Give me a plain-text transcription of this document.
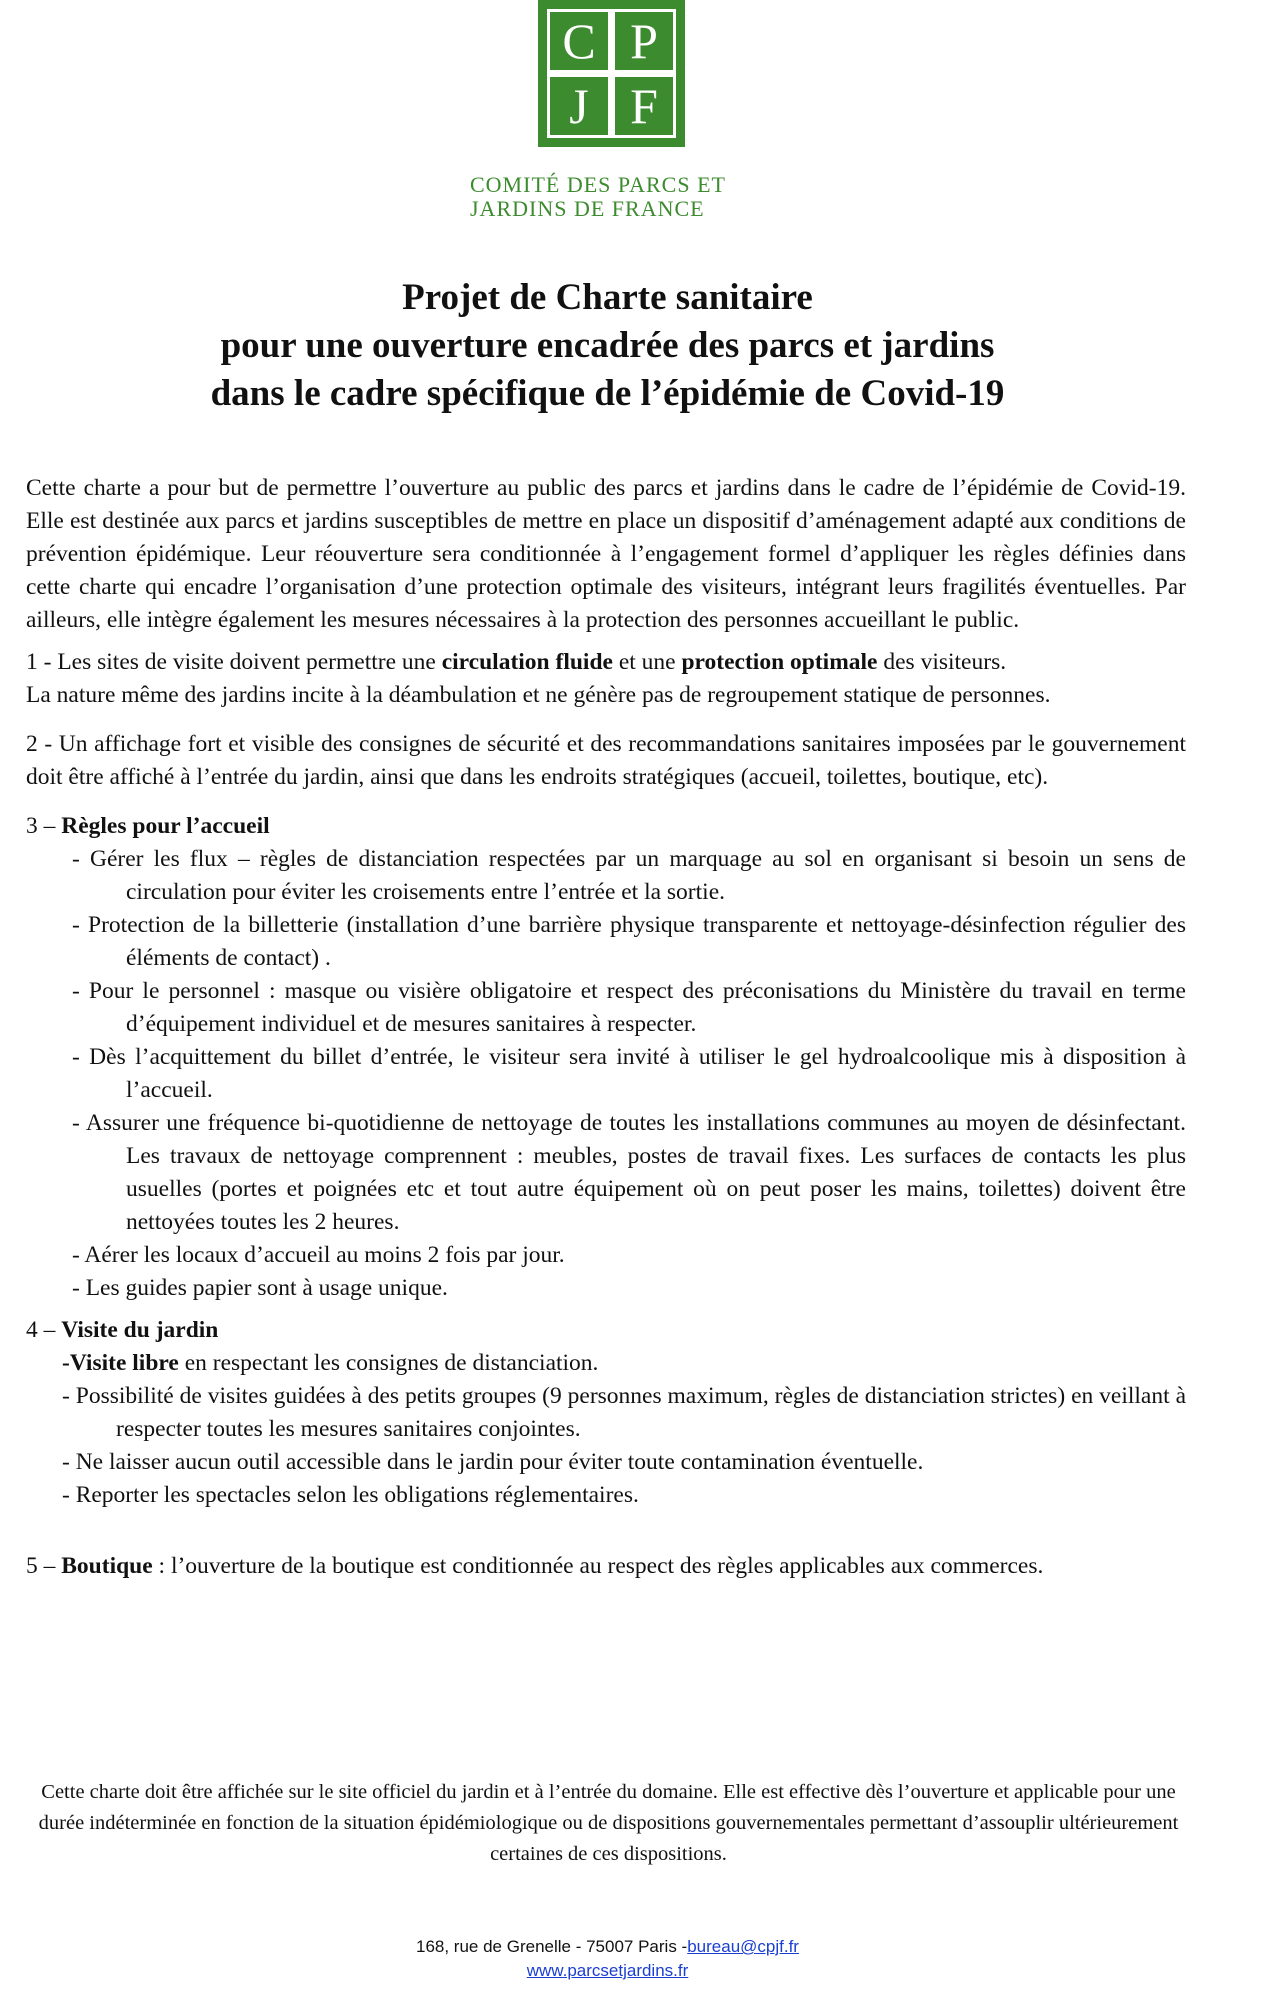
C P
J F
COMITÉ DES PARCS ET
JARDINS DE FRANCE
Projet de Charte sanitaire
pour une ouverture encadrée des parcs et jardins
dans le cadre spécifique de l’épidémie de Covid-19

Cette charte a pour but de permettre l’ouverture au public des parcs et jardins dans le cadre de l’épidémie de Covid-19. Elle est destinée aux parcs et jardins susceptibles de mettre en place un dispositif d’aménagement adapté aux conditions de prévention épidémique. Leur réouverture sera conditionnée à l’engagement formel d’appliquer les règles définies dans cette charte qui encadre l’organisation d’une protection optimale des visiteurs, intégrant leurs fragilités éventuelles. Par ailleurs, elle intègre également les mesures nécessaires à la protection des personnes accueillant le public.

1 - Les sites de visite doivent permettre une circulation fluide et une protection optimale des visiteurs.

La nature même des jardins incite à la déambulation et ne génère pas de regroupement statique de personnes.

2 - Un affichage fort et visible des consignes de sécurité et des recommandations sanitaires imposées par le gouvernement doit être affiché à l’entrée du jardin, ainsi que dans les endroits stratégiques (accueil, toilettes, boutique, etc).

3 – Règles pour l’accueil

- Gérer les flux – règles de distanciation respectées par un marquage au sol en organisant si besoin un sens de circulation pour éviter les croisements entre l’entrée et la sortie.
- Protection de la billetterie (installation d’une barrière physique transparente et nettoyage-désinfection régulier des éléments de contact) .
- Pour le personnel : masque ou visière obligatoire et respect des préconisations du Ministère du travail en terme d’équipement individuel et de mesures sanitaires à respecter.
- Dès l’acquittement du billet d’entrée, le visiteur sera invité à utiliser le gel hydroalcoolique mis à disposition à l’accueil.
- Assurer une fréquence bi-quotidienne de nettoyage de toutes les installations communes au moyen de désinfectant. Les travaux de nettoyage comprennent : meubles, postes de travail fixes. Les surfaces de contacts les plus usuelles (portes et poignées etc et tout autre équipement où on peut poser les mains, toilettes) doivent être nettoyées toutes les 2 heures.
- Aérer les locaux d’accueil au moins 2 fois par jour.
- Les guides papier sont à usage unique.

4 – Visite du jardin

-Visite libre en respectant les consignes de distanciation.
- Possibilité de visites guidées à des petits groupes (9 personnes maximum, règles de distanciation strictes) en veillant à respecter toutes les mesures sanitaires conjointes.
- Ne laisser aucun outil accessible dans le jardin pour éviter toute contamination éventuelle.
- Reporter les spectacles selon les obligations réglementaires.

5 – Boutique : l’ouverture de la boutique est conditionnée au respect des règles applicables aux commerces.

Cette charte doit être affichée sur le site officiel du jardin et à l’entrée du domaine. Elle est effective dès l’ouverture et applicable pour une durée indéterminée en fonction de la situation épidémiologique ou de dispositions gouvernementales permettant d’assouplir ultérieurement certaines de ces dispositions.

168, rue de Grenelle - 75007 Paris -bureau@cpjf.fr
www.parcsetjardins.fr
